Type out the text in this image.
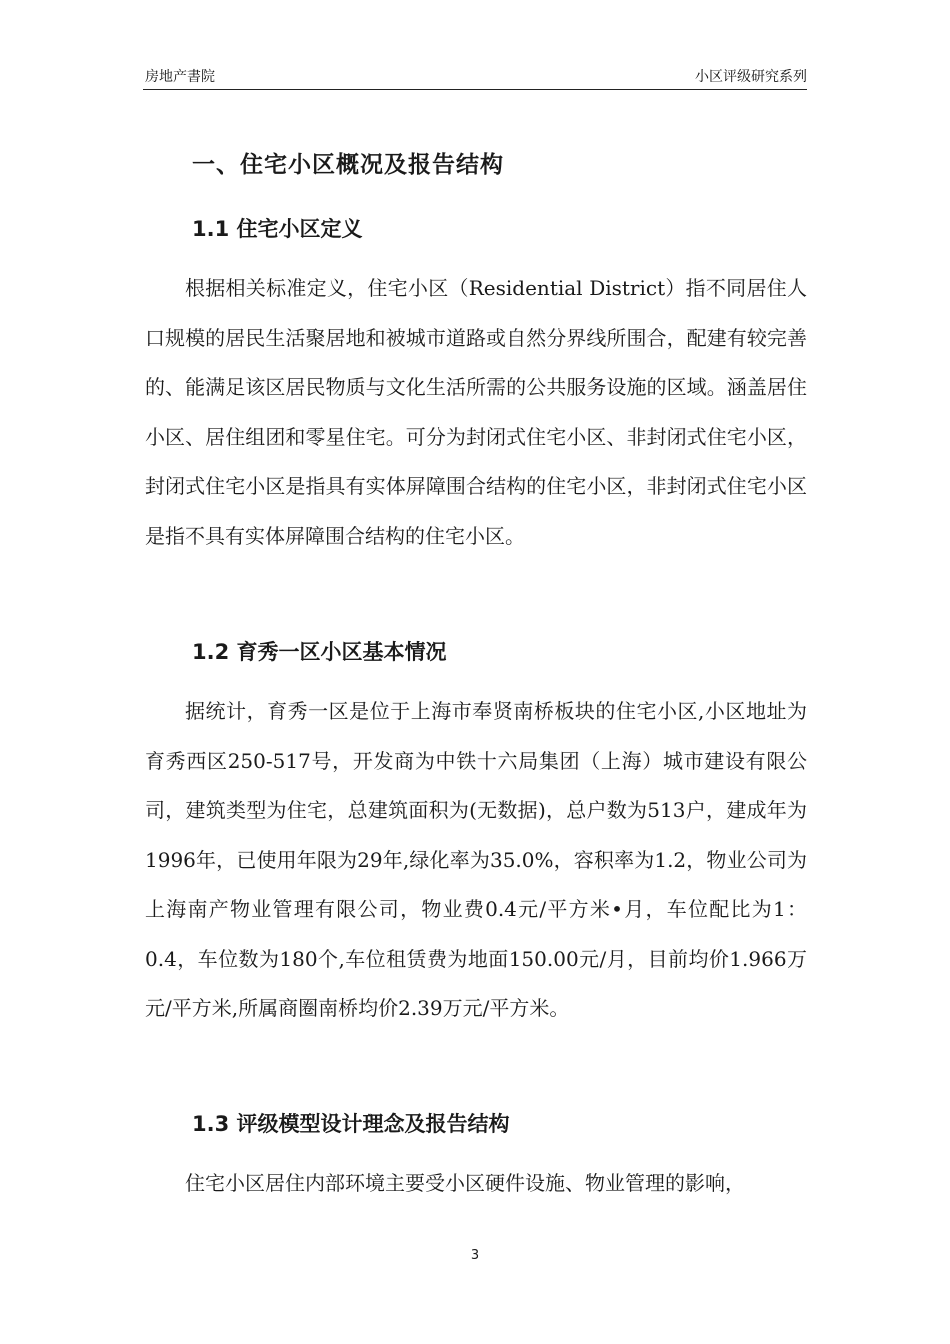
房地产書院	小区评级研究系列
一、住宅小区概况及报告结构
1.1 住宅小区定义

根据相关标准定义，住宅小区（Residential District）指不同居住人口规模的居民生活聚居地和被城市道路或自然分界线所围合，配建有较完善的、能满足该区居民物质与文化生活所需的公共服务设施的区域。涵盖居住小区、居住组团和零星住宅。可分为封闭式住宅小区、非封闭式住宅小区，封闭式住宅小区是指具有实体屏障围合结构的住宅小区，非封闭式住宅小区是指不具有实体屏障围合结构的住宅小区。

1.2 育秀一区小区基本情况

据统计，育秀一区是位于上海市奉贤南桥板块的住宅小区,小区地址为育秀西区250-517号，开发商为中铁十六局集团（上海）城市建设有限公司，建筑类型为住宅，总建筑面积为(无数据)，总户数为513户，建成年为1996年，已使用年限为29年,绿化率为35.0%，容积率为1.2，物业公司为上海南产物业管理有限公司，物业费0.4元/平方米•月，车位配比为1：0.4，车位数为180个,车位租赁费为地面150.00元/月，目前均价1.966万元/平方米,所属商圈南桥均价2.39万元/平方米。

1.3 评级模型设计理念及报告结构

住宅小区居住内部环境主要受小区硬件设施、物业管理的影响，

3
